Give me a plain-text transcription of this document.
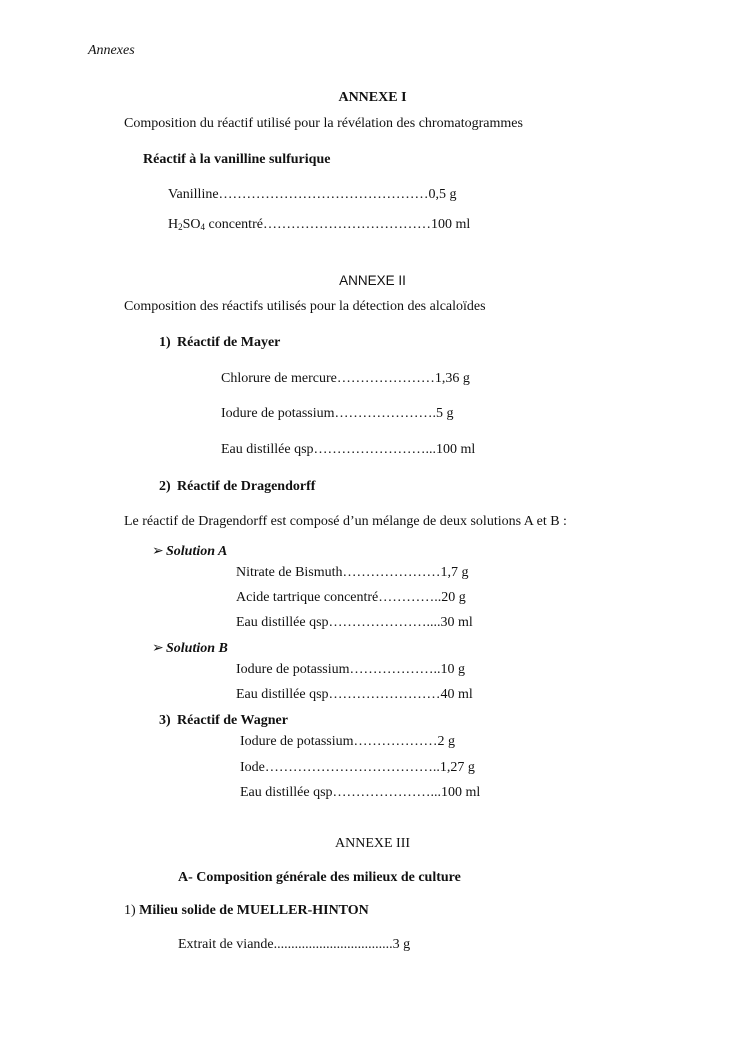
Annexes
ANNEXE I
Composition du réactif utilisé pour la révélation des chromatogrammes
Réactif à la vanilline sulfurique
Vanilline………………………………………0,5 g
$H_2SO_4$ concentré………………………………100 ml
ANNEXE II
Composition des réactifs utilisés pour la détection des alcaloïdes
1) Réactif de Mayer
Chlorure de mercure…………………1,36 g
Iodure de potassium………………….5 g
Eau distillée qsp……………………...100 ml
2) Réactif de Dragendorff
Le réactif de Dragendorff est composé d’un mélange de deux solutions A et B :
➢ Solution A
Nitrate de Bismuth…………………1,7 g
Acide tartrique concentré…………..20 g
Eau distillée qsp…………………....30 ml
➢ Solution B
Iodure de potassium………………..10 g
Eau distillée qsp……………………40 ml
3) Réactif de Wagner
Iodure de potassium………………2 g
Iode………………………………..1,27 g
Eau distillée qsp…………………...100 ml
ANNEXE III
A- Composition générale des milieux de culture
1) Milieu solide de MUELLER-HINTON
Extrait de viande..................................3 g
